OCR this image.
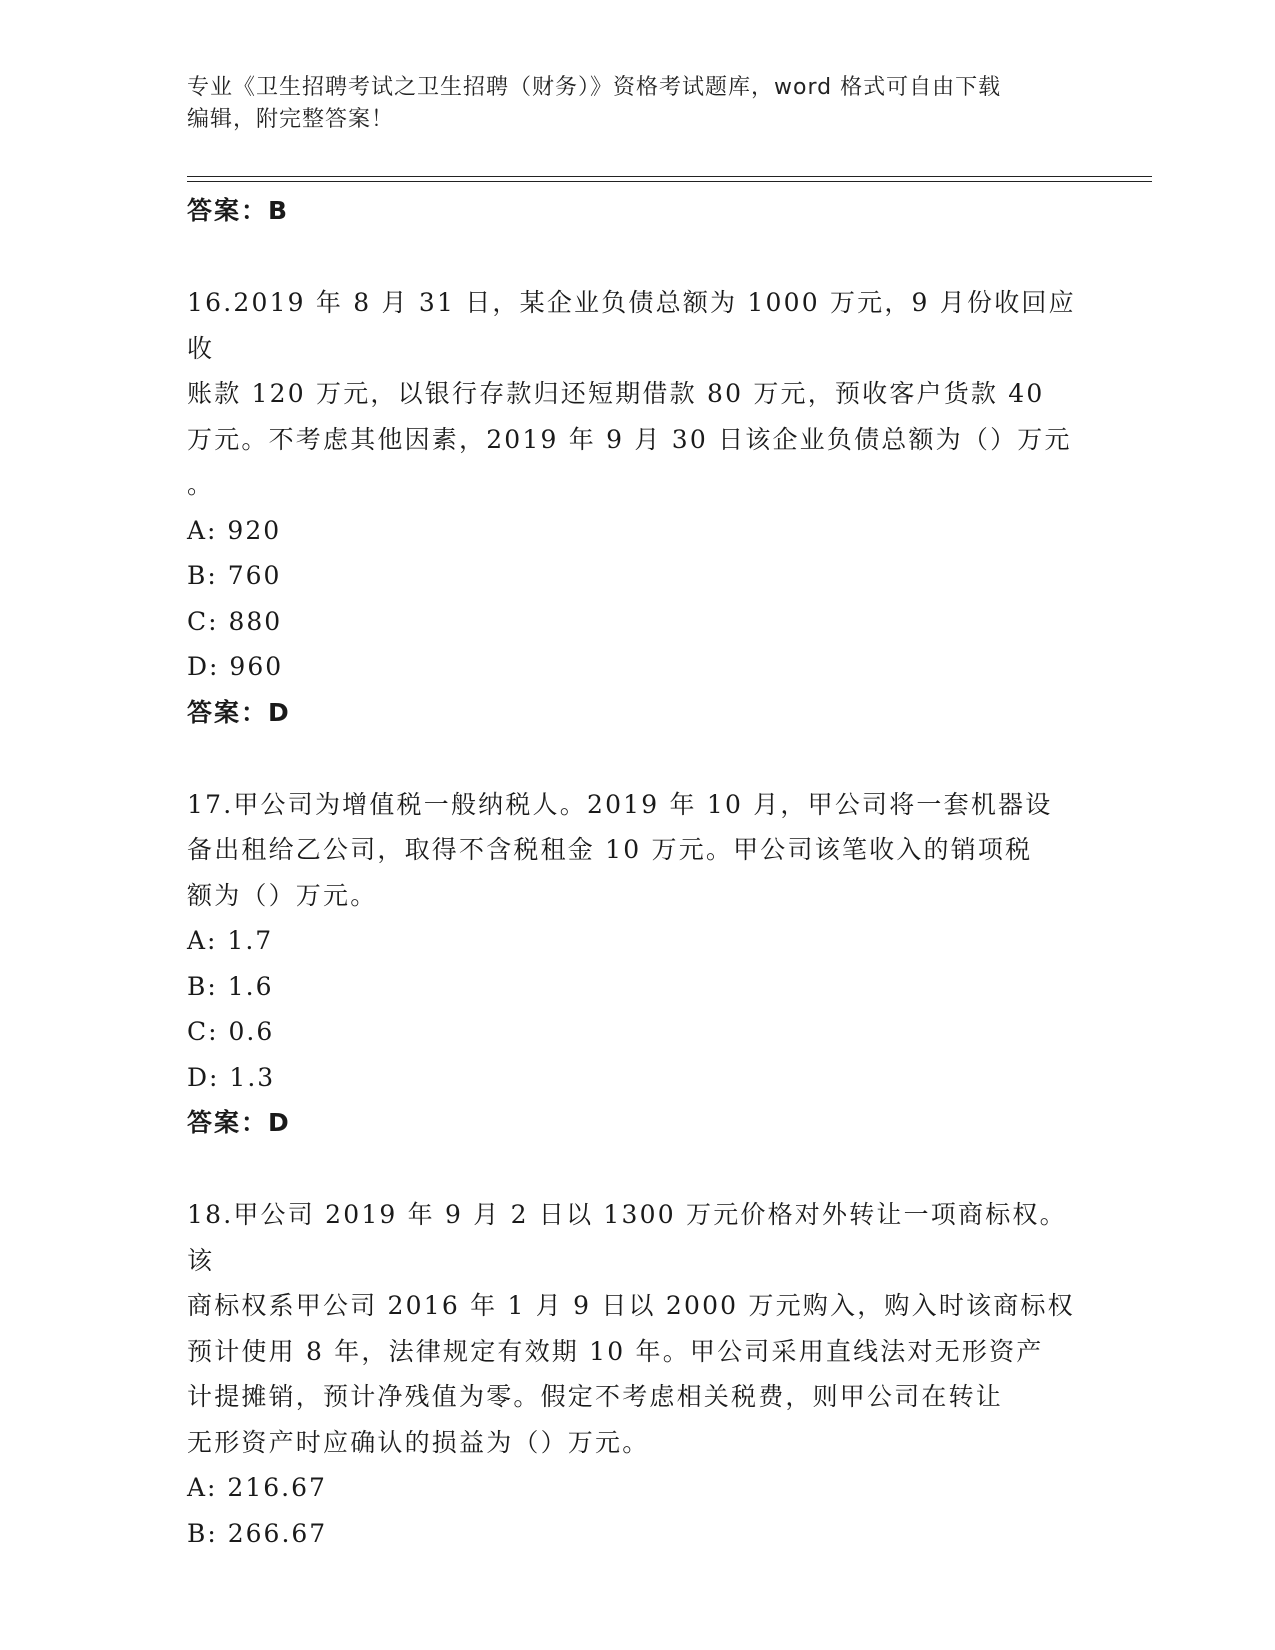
专业《卫生招聘考试之卫生招聘（财务）》资格考试题库，word 格式可自由下载
编辑，附完整答案！
答案：B
16.2019 年 8 月 31 日，某企业负债总额为 1000 万元，9 月份收回应收
账款 120 万元，以银行存款归还短期借款 80 万元，预收客户货款 40
万元。不考虑其他因素，2019 年 9 月 30 日该企业负债总额为（）万元
。
A: 920
B: 760
C: 880
D: 960
答案：D
17.甲公司为增值税一般纳税人。2019 年 10 月，甲公司将一套机器设
备出租给乙公司，取得不含税租金 10 万元。甲公司该笔收入的销项税
额为（）万元。
A: 1.7
B: 1.6
C: 0.6
D: 1.3
答案：D
18.甲公司 2019 年 9 月 2 日以 1300 万元价格对外转让一项商标权。该
商标权系甲公司 2016 年 1 月 9 日以 2000 万元购入，购入时该商标权
预计使用 8 年，法律规定有效期 10 年。甲公司采用直线法对无形资产
计提摊销，预计净残值为零。假定不考虑相关税费，则甲公司在转让
无形资产时应确认的损益为（）万元。
A: 216.67
B: 266.67
